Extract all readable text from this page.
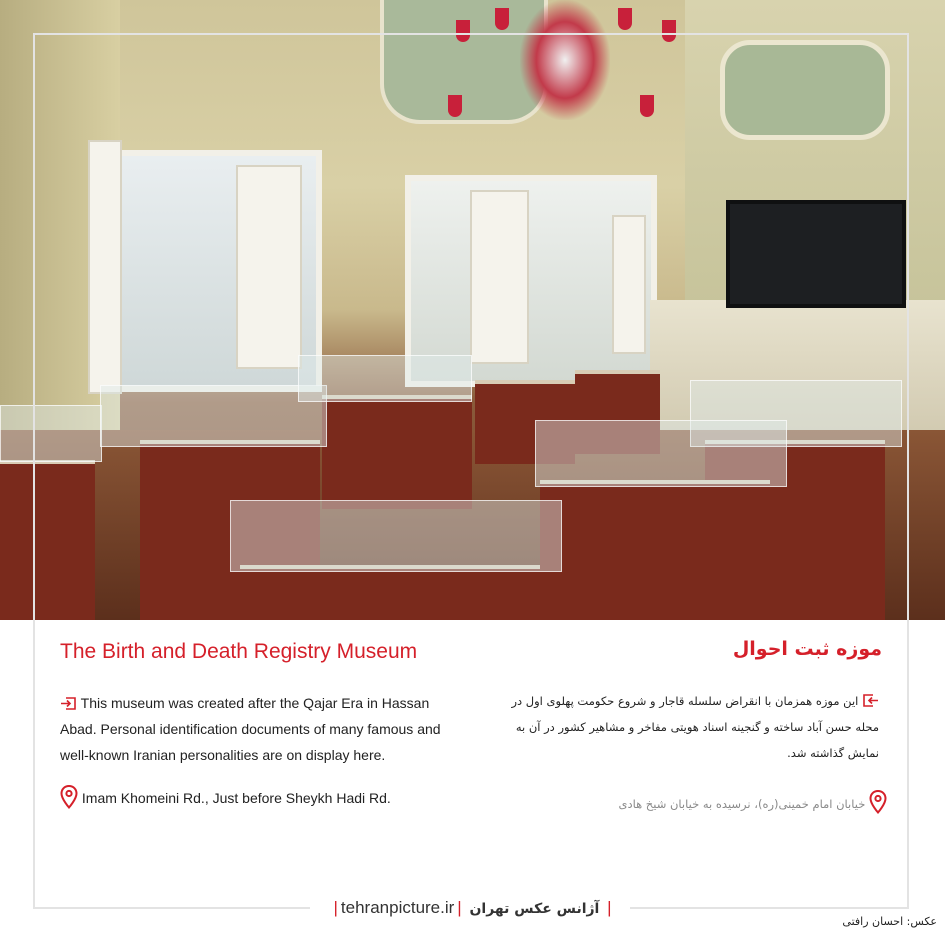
The Birth and Death Registry Museum	موزه ثبت احوال
This museum was created after the Qajar Era in Hassan Abad. Personal identification documents of many famous and well-known Iranian personalities are on display here.
این موزه همزمان با انقراض سلسله قاجار و شروع حکومت پهلوی اول در محله حسن آباد ساخته و گنجینه اسناد هویتی مفاخر و مشاهیر کشور در آن به نمایش گذاشته شد.
Imam Khomeini Rd., Just before Sheykh Hadi Rd.	خیابان امام خمینی(ره)، نرسیده به خیابان شیخ هادی
| tehranpicture.ir | آژانس عکس تهران |
عکس: احسان رافتی
